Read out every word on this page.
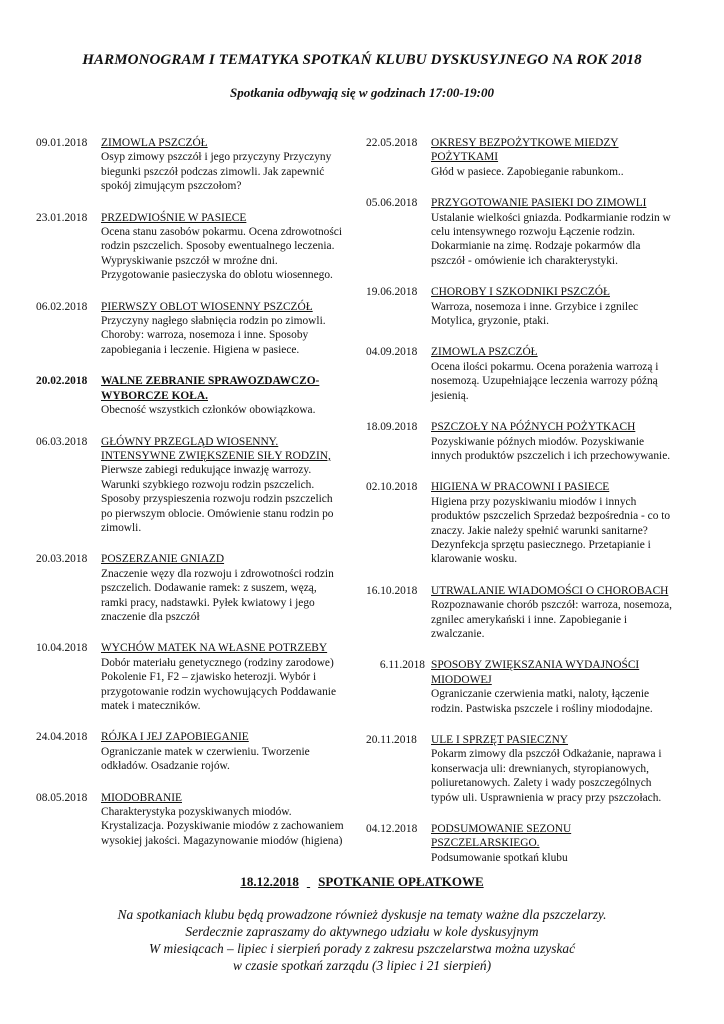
HARMONOGRAM I TEMATYKA SPOTKAŃ KLUBU DYSKUSYJNEGO NA ROK 2018
Spotkania odbywają się w godzinach 17:00-19:00
09.01.2018	ZIMOWLA PSZCZÓŁ
Osyp zimowy pszczół i jego przyczyny Przyczyny biegunki pszczół podczas zimowli. Jak zapewnić spokój zimującym pszczołom?
23.01.2018	PRZEDWIOŚNIE W PASIECE
Ocena stanu zasobów pokarmu. Ocena zdrowotności rodzin pszczelich. Sposoby ewentualnego leczenia. Wypryskiwanie pszczół w mroźne dni. Przygotowanie pasieczyska do oblotu wiosennego.
06.02.2018	PIERWSZY OBLOT WIOSENNY PSZCZÓŁ
Przyczyny nagłego słabnięcia rodzin po zimowli. Choroby: warroza, nosemoza i inne. Sposoby zapobiegania i leczenie. Higiena w pasiece.
20.02.2018	WALNE ZEBRANIE SPRAWOZDAWCZO-WYBORCZE KOŁA.
Obecność wszystkich członków obowiązkowa.
06.03.2018	GŁÓWNY PRZEGLĄD WIOSENNY. INTENSYWNE ZWIĘKSZENIE SIŁY RODZIN,
Pierwsze zabiegi redukujące inwazję warrozy. Warunki szybkiego rozwoju rodzin pszczelich. Sposoby przyspieszenia rozwoju rodzin pszczelich po pierwszym oblocie. Omówienie stanu rodzin po zimowli.
20.03.2018	POSZERZANIE GNIAZD
Znaczenie węzy dla rozwoju i zdrowotności rodzin pszczelich. Dodawanie ramek: z suszem, węzą, ramki pracy, nadstawki. Pyłek kwiatowy i jego znaczenie dla pszczół
10.04.2018	WYCHÓW MATEK NA WŁASNE POTRZEBY
Dobór materiału genetycznego (rodziny zarodowe) Pokolenie F1, F2 – zjawisko heterozji. Wybór i przygotowanie rodzin wychowujących Poddawanie matek i mateczników.
24.04.2018	RÓJKA I JEJ ZAPOBIEGANIE
Ograniczanie matek w czerwieniu. Tworzenie odkładów. Osadzanie rojów.
08.05.2018	MIODOBRANIE
Charakterystyka pozyskiwanych miodów. Krystalizacja. Pozyskiwanie miodów z zachowaniem wysokiej jakości. Magazynowanie miodów (higiena)
22.05.2018	OKRESY BEZPOŻYTKOWE MIEDZY POŻYTKAMI
Głód w pasiece. Zapobieganie rabunkom..
05.06.2018	PRZYGOTOWANIE PASIEKI DO ZIMOWLI
Ustalanie wielkości gniazda. Podkarmianie rodzin w celu intensywnego rozwoju Łączenie rodzin. Dokarmianie na zimę. Rodzaje pokarmów dla pszczół - omówienie ich charakterystyki.
19.06.2018	CHOROBY I SZKODNIKI PSZCZÓŁ
Warroza, nosemoza i inne. Grzybice i zgnilec Motylica, gryzonie, ptaki.
04.09.2018	ZIMOWLA PSZCZÓŁ
Ocena ilości pokarmu. Ocena porażenia warrozą i nosemozą. Uzupełniające leczenia warrozy późną jesienią.
18.09.2018	PSZCZOŁY NA PÓŹNYCH POŻYTKACH
Pozyskiwanie późnych miodów. Pozyskiwanie innych produktów pszczelich i ich przechowywanie.
02.10.2018	HIGIENA W PRACOWNI I PASIECE
Higiena przy pozyskiwaniu miodów i innych produktów pszczelich Sprzedaż bezpośrednia - co to znaczy. Jakie należy spełnić warunki sanitarne? Dezynfekcja sprzętu pasiecznego. Przetapianie i klarowanie wosku.
16.10.2018	UTRWALANIE WIADOMOŚCI O CHOROBACH
Rozpoznawanie chorób pszczół: warroza, nosemoza, zgnilec amerykański i inne. Zapobieganie i zwalczanie.
6.11.2018 SPOSOBY ZWIĘKSZANIA WYDAJNOŚCI MIODOWEJ
Ograniczanie czerwienia matki, naloty, łączenie rodzin. Pastwiska pszczele i rośliny miododajne.
20.11.2018	ULE I SPRZĘT PASIECZNY
Pokarm zimowy dla pszczół Odkażanie, naprawa i konserwacja uli: drewnianych, styropianowych, poliuretanowych. Zalety i wady poszczególnych typów uli. Usprawnienia w pracy przy pszczołach.
04.12.2018	PODSUMOWANIE SEZONU PSZCZELARSKIEGO.
Podsumowanie spotkań klubu
18.12.2018 SPOTKANIE OPŁATKOWE
Na spotkaniach klubu będą prowadzone również dyskusje na tematy ważne dla pszczelarzy.
Serdecznie zapraszamy do aktywnego udziału w kole dyskusyjnym
W miesiącach – lipiec i sierpień porady z zakresu pszczelarstwa można uzyskać
w czasie spotkań zarządu (3 lipiec i 21 sierpień)
